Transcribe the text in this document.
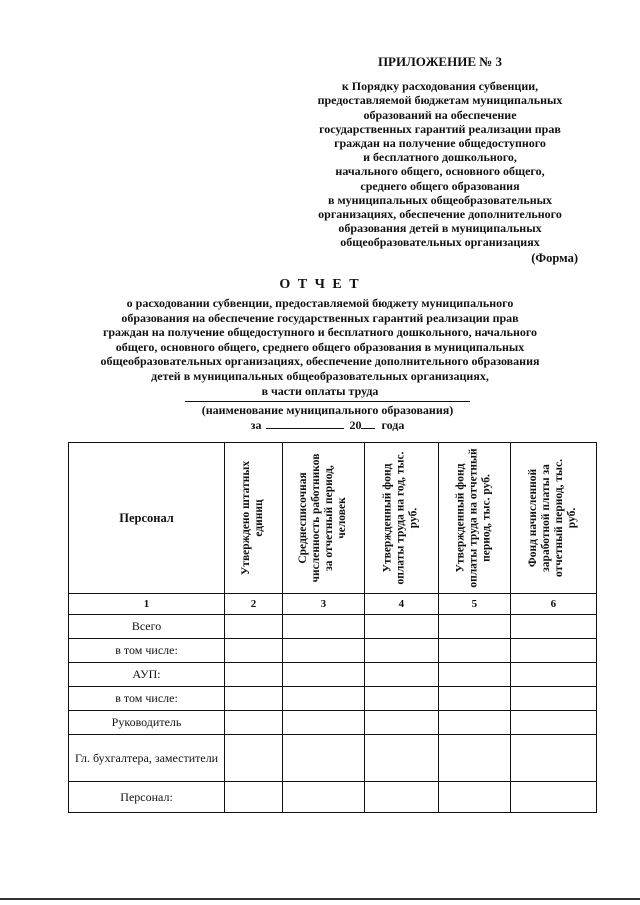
ПРИЛОЖЕНИЕ № 3
к Порядку расходования субвенции,
предоставляемой бюджетам муниципальных
образований на обеспечение
государственных гарантий реализации прав
граждан на получение общедоступного
и бесплатного дошкольного,
начального общего, основного общего,
среднего общего образования
в муниципальных общеобразовательных
организациях, обеспечение дополнительного
образования детей в муниципальных
общеобразовательных организациях
(Форма)
О Т Ч Е Т
о расходовании субвенции, предоставляемой бюджету муниципального
образования на обеспечение государственных гарантий реализации прав
граждан на получение общедоступного и бесплатного дошкольного, начального
общего, основного общего, среднего общего образования в муниципальных
общеобразовательных организациях, обеспечение дополнительного образования
детей в муниципальных общеобразовательных организациях,
в части оплаты труда
(наименование муниципального образования)
за	20 года
Персонал	Утверждено штатных единиц	Среднесписочная численность работников за отчетный период, человек	Утвержденный фонд оплаты труда на год, тыс. руб.	Утвержденный фонд оплаты труда на отчетный период, тыс. руб.	Фонд начисленной заработной платы за отчетный период, тыс. руб.

1	2	3	4	5	6
Всего					
в том числе:					
АУП:					
в том числе:					
Руководитель					
Гл. бухгалтера, заместители					
Персонал:					
